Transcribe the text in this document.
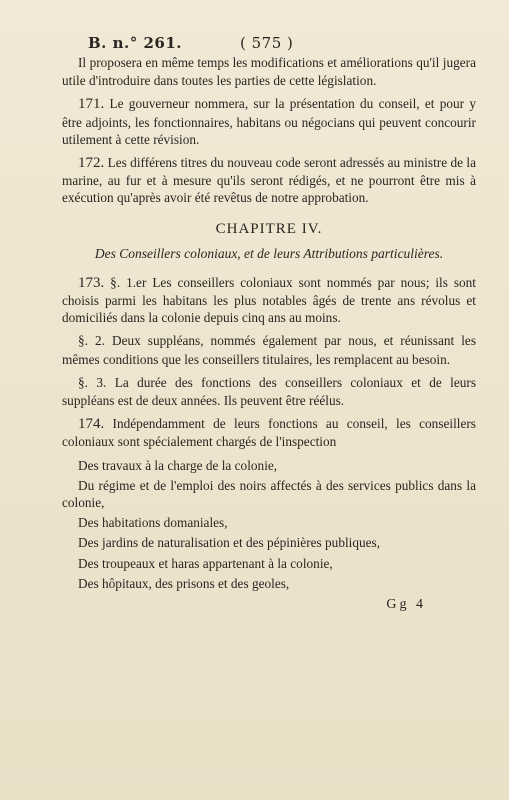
B. n.° 261.	( 575 )

Il proposera en même temps les modifications et améliorations qu'il jugera utile d'introduire dans toutes les parties de cette législation.

171. Le gouverneur nommera, sur la présentation du conseil, et pour y être adjoints, les fonctionnaires, habitans ou négocians qui peuvent concourir utilement à cette révision.

172. Les différens titres du nouveau code seront adressés au ministre de la marine, au fur et à mesure qu'ils seront rédigés, et ne pourront être mis à exécution qu'après avoir été revêtus de notre approbation.

CHAPITRE IV.
Des Conseillers coloniaux, et de leurs Attributions particulières.

173. §. 1.er Les conseillers coloniaux sont nommés par nous; ils sont choisis parmi les habitans les plus notables âgés de trente ans révolus et domiciliés dans la colonie depuis cinq ans au moins.

§. 2. Deux suppléans, nommés également par nous, et réunissant les mêmes conditions que les conseillers titulaires, les remplacent au besoin.

§. 3. La durée des fonctions des conseillers coloniaux et de leurs suppléans est de deux années. Ils peuvent être réélus.

174. Indépendamment de leurs fonctions au conseil, les conseillers coloniaux sont spécialement chargés de l'inspection

Des travaux à la charge de la colonie,
Du régime et de l'emploi des noirs affectés à des services publics dans la colonie,
Des habitations domaniales,
Des jardins de naturalisation et des pépinières publiques,
Des troupeaux et haras appartenant à la colonie,
Des hôpitaux, des prisons et des geoles,
Gg 4
